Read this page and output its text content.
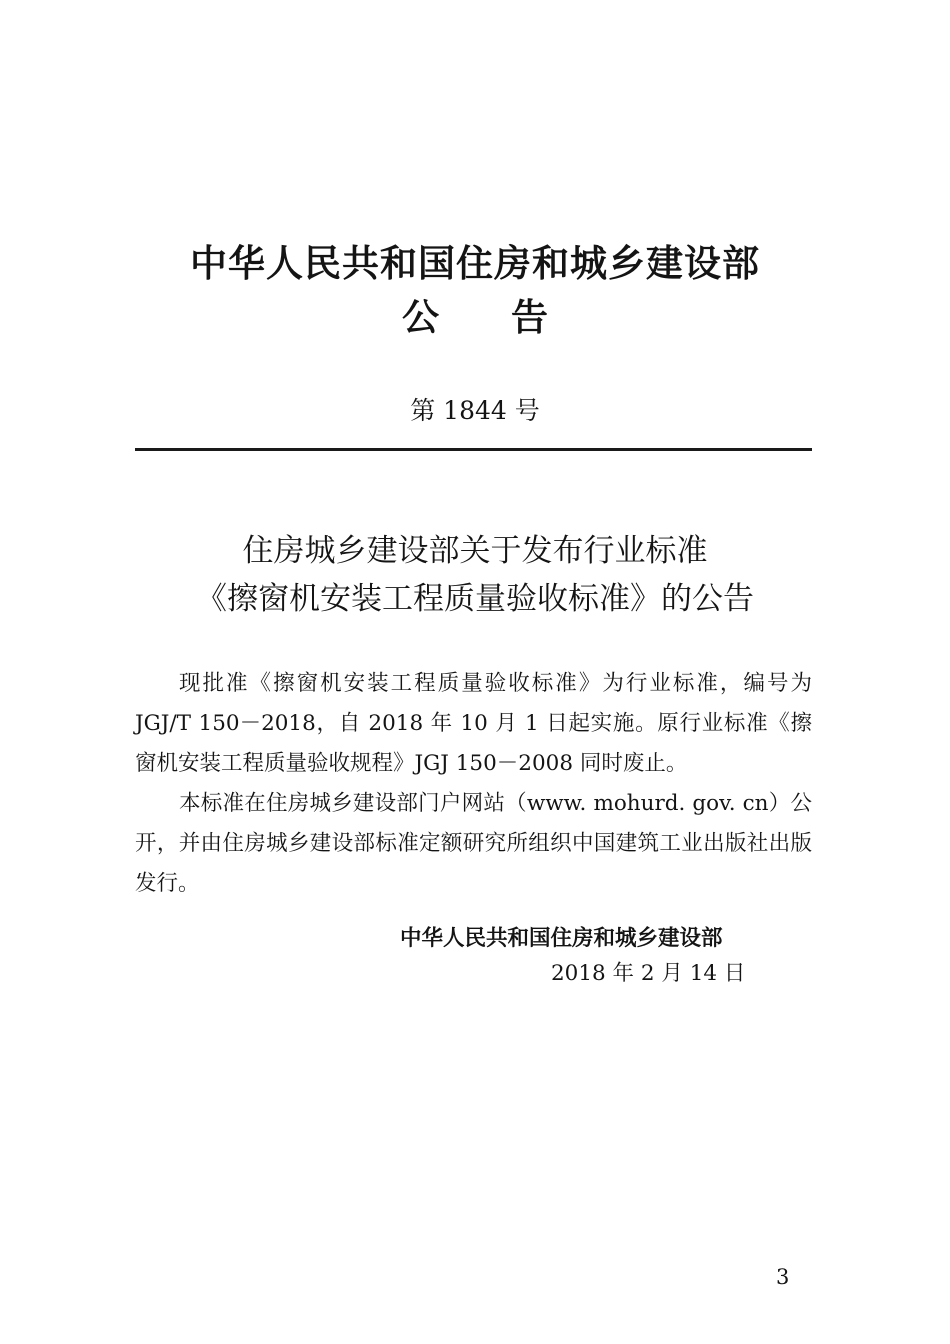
中华人民共和国住房和城乡建设部
公告
第 1844 号
住房城乡建设部关于发布行业标准
《擦窗机安装工程质量验收标准》的公告

现批准《擦窗机安装工程质量验收标准》为行业标准，编号为 JGJ/T 150－2018，自 2018 年 10 月 1 日起实施。原行业标准《擦窗机安装工程质量验收规程》JGJ 150－2008 同时废止。

本标准在住房城乡建设部门户网站（www. mohurd. gov. cn）公开，并由住房城乡建设部标准定额研究所组织中国建筑工业出版社出版发行。

中华人民共和国住房和城乡建设部
2018 年 2 月 14 日
3
